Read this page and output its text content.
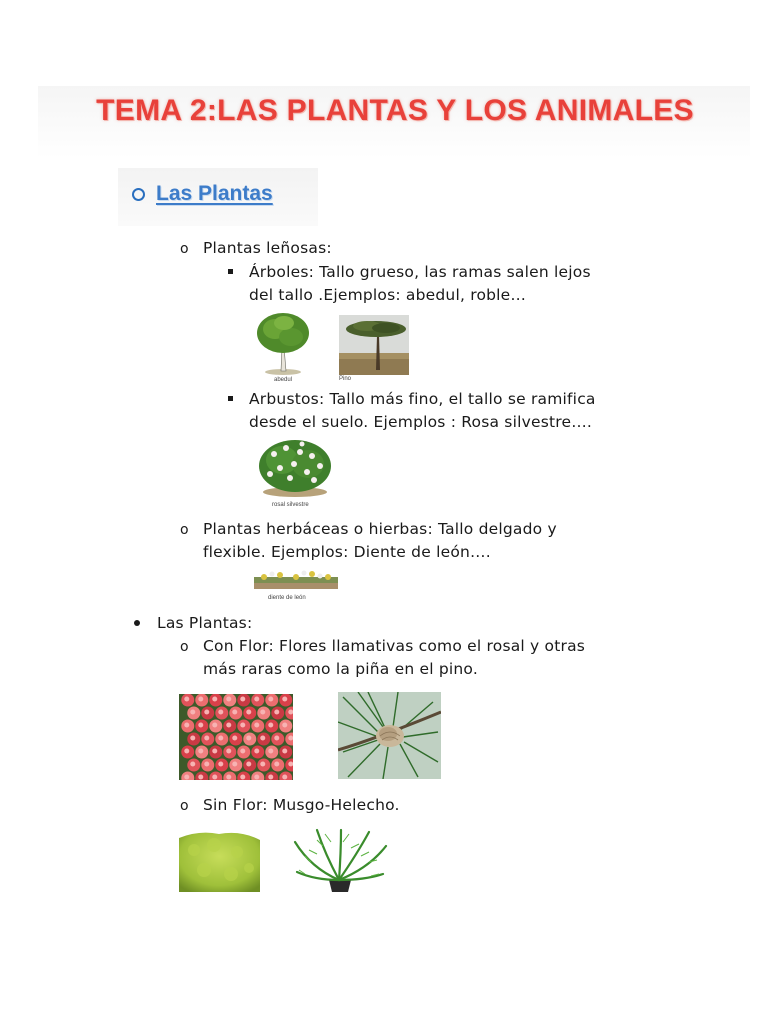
TEMA 2:LAS PLANTAS Y LOS ANIMALES
Las Plantas
o Plantas leñosas:
Árboles: Tallo grueso, las ramas salen lejos
del tallo .Ejemplos: abedul, roble…
abedul	Pino
Arbustos: Tallo más fino, el tallo se ramifica
desde el suelo. Ejemplos : Rosa silvestre….
rosal silvestre
o Plantas herbáceas o hierbas: Tallo delgado y
flexible. Ejemplos: Diente de león….
diente de león
Las Plantas:
o Con Flor: Flores llamativas como el rosal y otras
más raras como la piña en el pino.
o Sin Flor: Musgo-Helecho.
